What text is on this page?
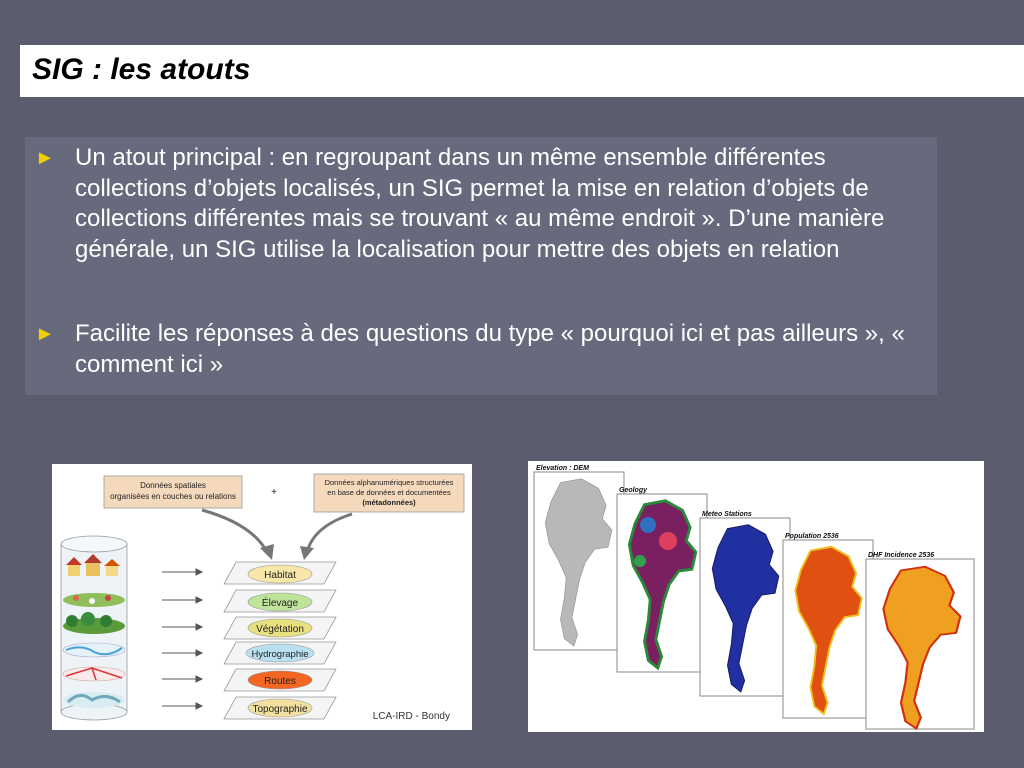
SIG : les atouts
► Un atout principal : en regroupant dans un même ensemble différentes collections d’objets localisés, un SIG permet la mise en relation d’objets de collections différentes mais se trouvant « au même endroit ». D’une manière générale, un SIG utilise la localisation pour mettre des objets en relation
► Facilite les réponses à des questions du type « pourquoi ici et pas ailleurs », « comment ici »
Données spatiales
organisées en couches ou relations	+
Données alphanumériques structurées
en base de données et documentées
(métadonnées)
Habitat
Élevage
Végétation
Hydrographie
Routes
Topographie
LCA-IRD - Bondy
Elevation : DEM
Geology
Meteo Stations
Population 2536
DHF Incidence 2536
